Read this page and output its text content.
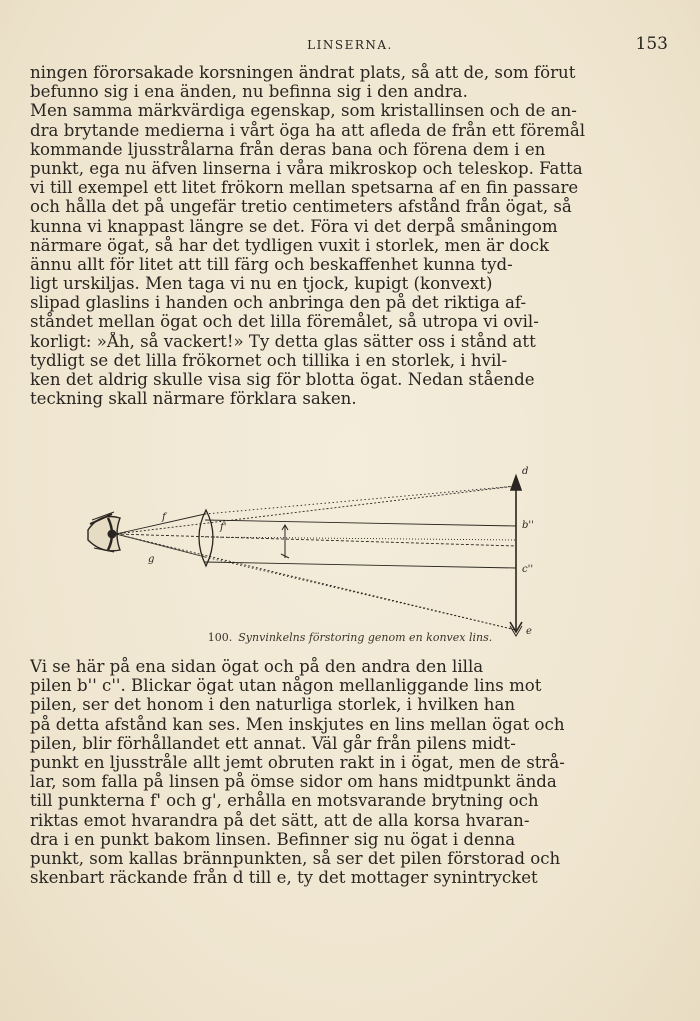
LINSERNA.	153
ningen förorsakade korsningen ändrat plats, så att de, som förut
befunno sig i ena änden, nu befinna sig i den andra.
Men samma märkvärdiga egenskap, som kristallinsen och de an-
dra brytande medierna i vårt öga ha att afleda de från ett föremål
kommande ljusstrålarna från deras bana och förena dem i en
punkt, ega nu äfven linserna i våra mikroskop och teleskop. Fatta
vi till exempel ett litet frökorn mellan spetsarna af en fin passare
och hålla det på ungefär tretio centimeters afstånd från ögat, så
kunna vi knappast längre se det. Föra vi det derpå småningom
närmare ögat, så har det tydligen vuxit i storlek, men är dock
ännu allt för litet att till färg och beskaffenhet kunna tyd-
ligt urskiljas. Men taga vi nu en tjock, kupigt (konvext)
slipad glaslins i handen och anbringa den på det riktiga af-
ståndet mellan ögat och det lilla föremålet, så utropa vi ovil-
korligt: »Åh, så vackert!» Ty detta glas sätter oss i stånd att
tydligt se det lilla frökornet och tillika i en storlek, i hvil-
ken det aldrig skulle visa sig för blotta ögat. Nedan stående
teckning skall närmare förklara saken.
d
f
f'
g
b''
c''
e
100. Synvinkelns förstoring genom en konvex lins.
Vi se här på ena sidan ögat och på den andra den lilla
pilen b'' c''. Blickar ögat utan någon mellanliggande lins mot
pilen, ser det honom i den naturliga storlek, i hvilken han
på detta afstånd kan ses. Men inskjutes en lins mellan ögat och
pilen, blir förhållandet ett annat. Väl går från pilens midt-
punkt en ljusstråle allt jemt obruten rakt in i ögat, men de strå-
lar, som falla på linsen på ömse sidor om hans midtpunkt ända
till punkterna f' och g', erhålla en motsvarande brytning och
riktas emot hvarandra på det sätt, att de alla korsa hvaran-
dra i en punkt bakom linsen. Befinner sig nu ögat i denna
punkt, som kallas brännpunkten, så ser det pilen förstorad och
skenbart räckande från d till e, ty det mottager synintrycket
